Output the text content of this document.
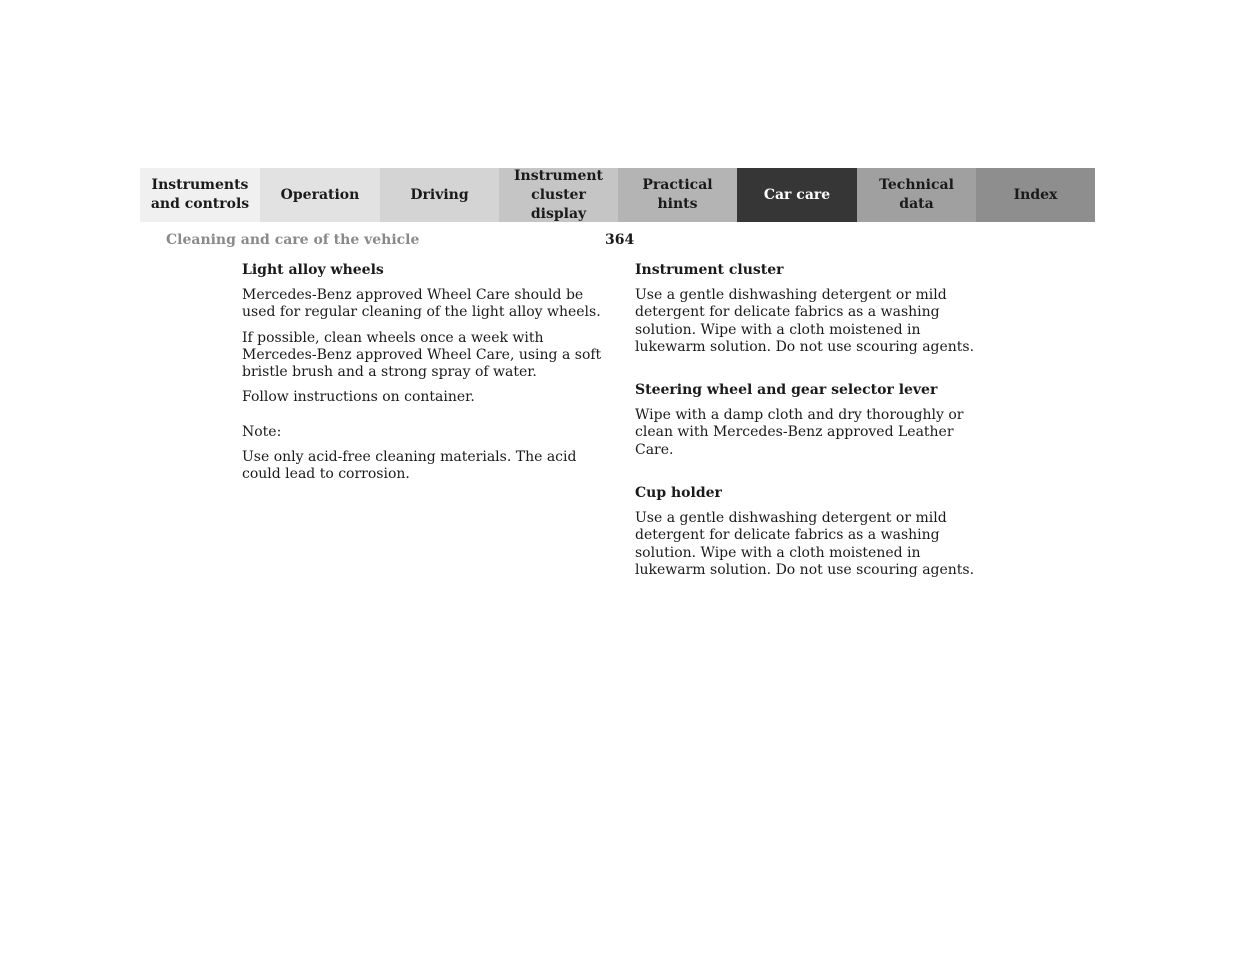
Instruments
and controls
Operation	Driving
Instrument
cluster display
Practical hints
Car care
Technical
data
Index
Cleaning and care of the vehicle	364
Light alloy wheels

Mercedes-Benz approved Wheel Care should be used for regular cleaning of the light alloy wheels.

If possible, clean wheels once a week with Mercedes-Benz approved Wheel Care, using a soft bristle brush and a strong spray of water.

Follow instructions on container.

Note:

Use only acid-free cleaning materials. The acid could lead to corrosion.

Instrument cluster

Use a gentle dishwashing detergent or mild detergent for delicate fabrics as a washing solution. Wipe with a cloth moistened in lukewarm solution. Do not use scouring agents.

Steering wheel and gear selector lever

Wipe with a damp cloth and dry thoroughly or clean with Mercedes-Benz approved Leather Care.

Cup holder

Use a gentle dishwashing detergent or mild detergent for delicate fabrics as a washing solution. Wipe with a cloth moistened in lukewarm solution. Do not use scouring agents.
